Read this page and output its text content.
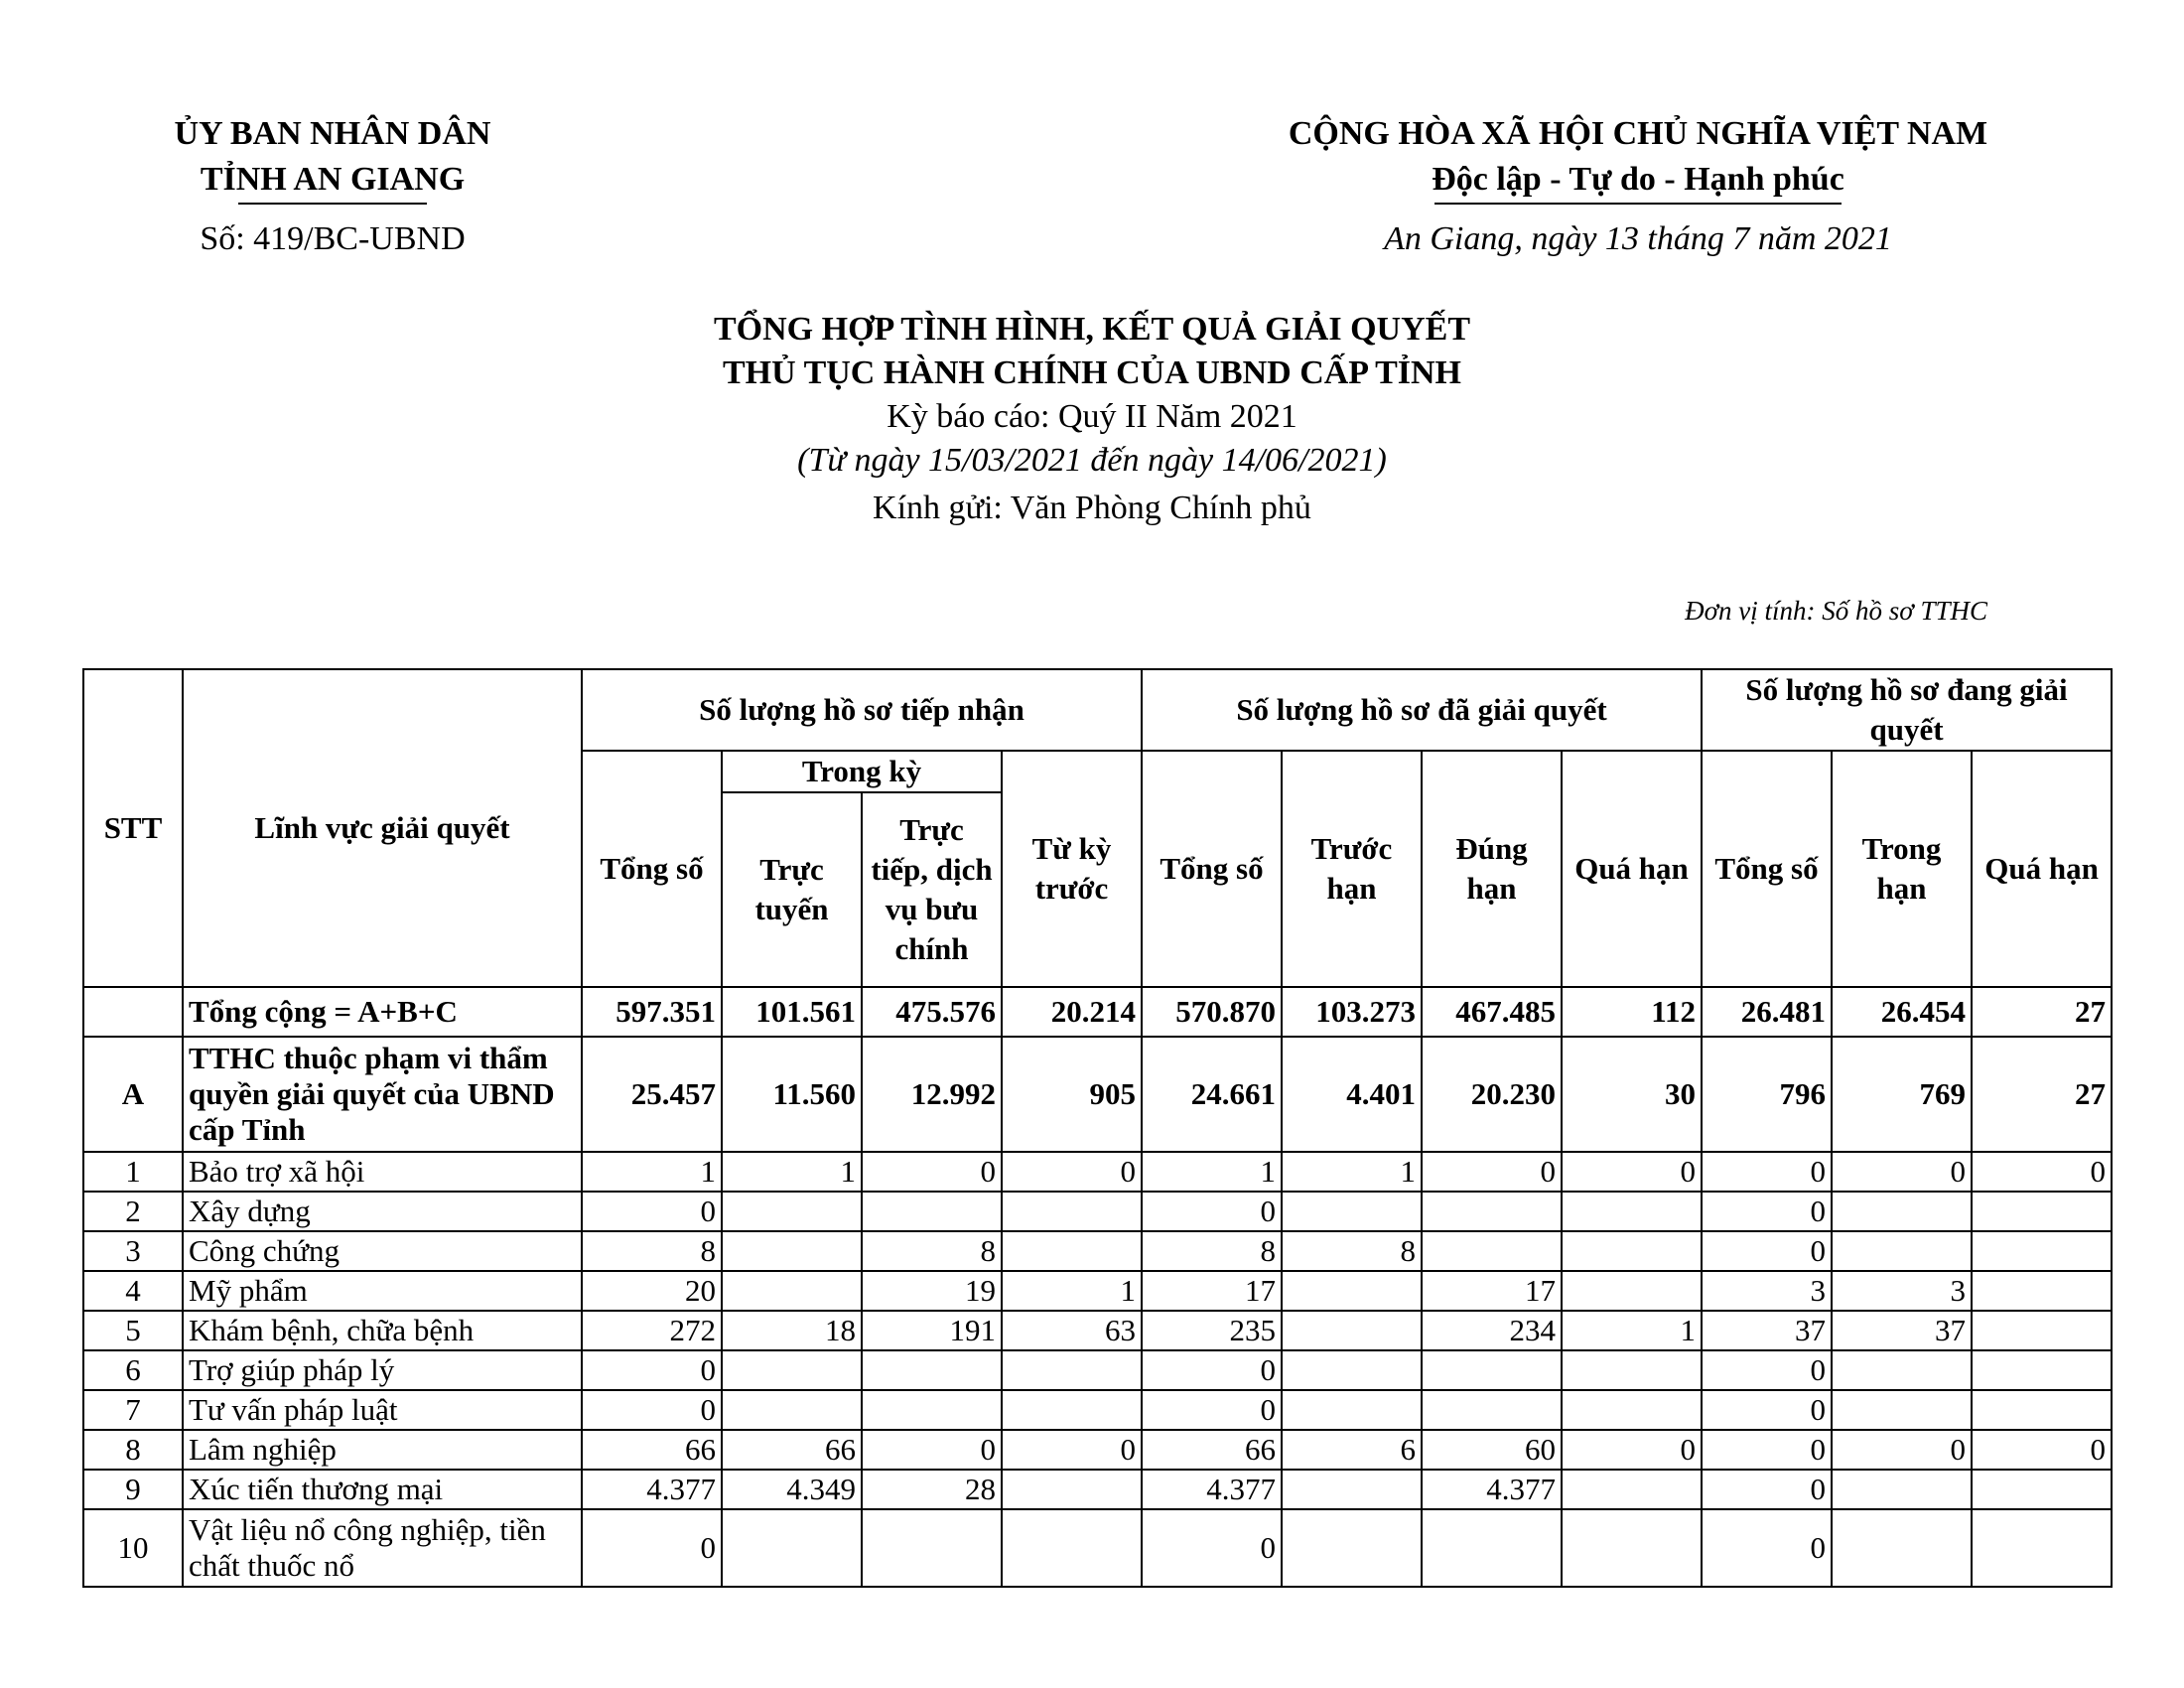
ỦY BAN NHÂN DÂN
TỈNH AN GIANG
Số: 419/BC-UBND
CỘNG HÒA XÃ HỘI CHỦ NGHĨA VIỆT NAM
Độc lập - Tự do - Hạnh phúc
An Giang, ngày 13 tháng 7 năm 2021
TỔNG HỢP TÌNH HÌNH, KẾT QUẢ GIẢI QUYẾT
THỦ TỤC HÀNH CHÍNH CỦA UBND CẤP TỈNH
Kỳ báo cáo: Quý II Năm 2021
(Từ ngày 15/03/2021 đến ngày 14/06/2021)
Kính gửi: Văn Phòng Chính phủ
Đơn vị tính: Số hồ sơ TTHC
STT	Lĩnh vực giải quyết	Số lượng hồ sơ tiếp nhận				Số lượng hồ sơ đã giải quyết				Số lượng hồ sơ đang giải quyết		
		Tổng số	Trong kỳ		Từ kỳ trước	Tổng số	Trước hạn	Đúng hạn	Quá hạn	Tổng số	Trong hạn	Quá hạn
			Trực tuyến	Trực tiếp, dịch vụ bưu chính								
	Tổng cộng = A+B+C	597.351	101.561	475.576	20.214	570.870	103.273	467.485	112	26.481	26.454	27
A	TTHC thuộc phạm vi thẩm quyền giải quyết của UBND cấp Tỉnh	25.457	11.560	12.992	905	24.661	4.401	20.230	30	796	769	27
1	Bảo trợ xã hội	1	1	0	0	1	1	0	0	0	0	0
2	Xây dựng	0				0				0		
3	Công chứng	8		8		8	8			0		
4	Mỹ phẩm	20		19	1	17		17		3	3	
5	Khám bệnh, chữa bệnh	272	18	191	63	235		234	1	37	37	
6	Trợ giúp pháp lý	0				0				0		
7	Tư vấn pháp luật	0				0				0		
8	Lâm nghiệp	66	66	0	0	66	6	60	0	0	0	0
9	Xúc tiến thương mại	4.377	4.349	28		4.377		4.377		0		
10	Vật liệu nổ công nghiệp, tiền chất thuốc nổ	0				0				0		
